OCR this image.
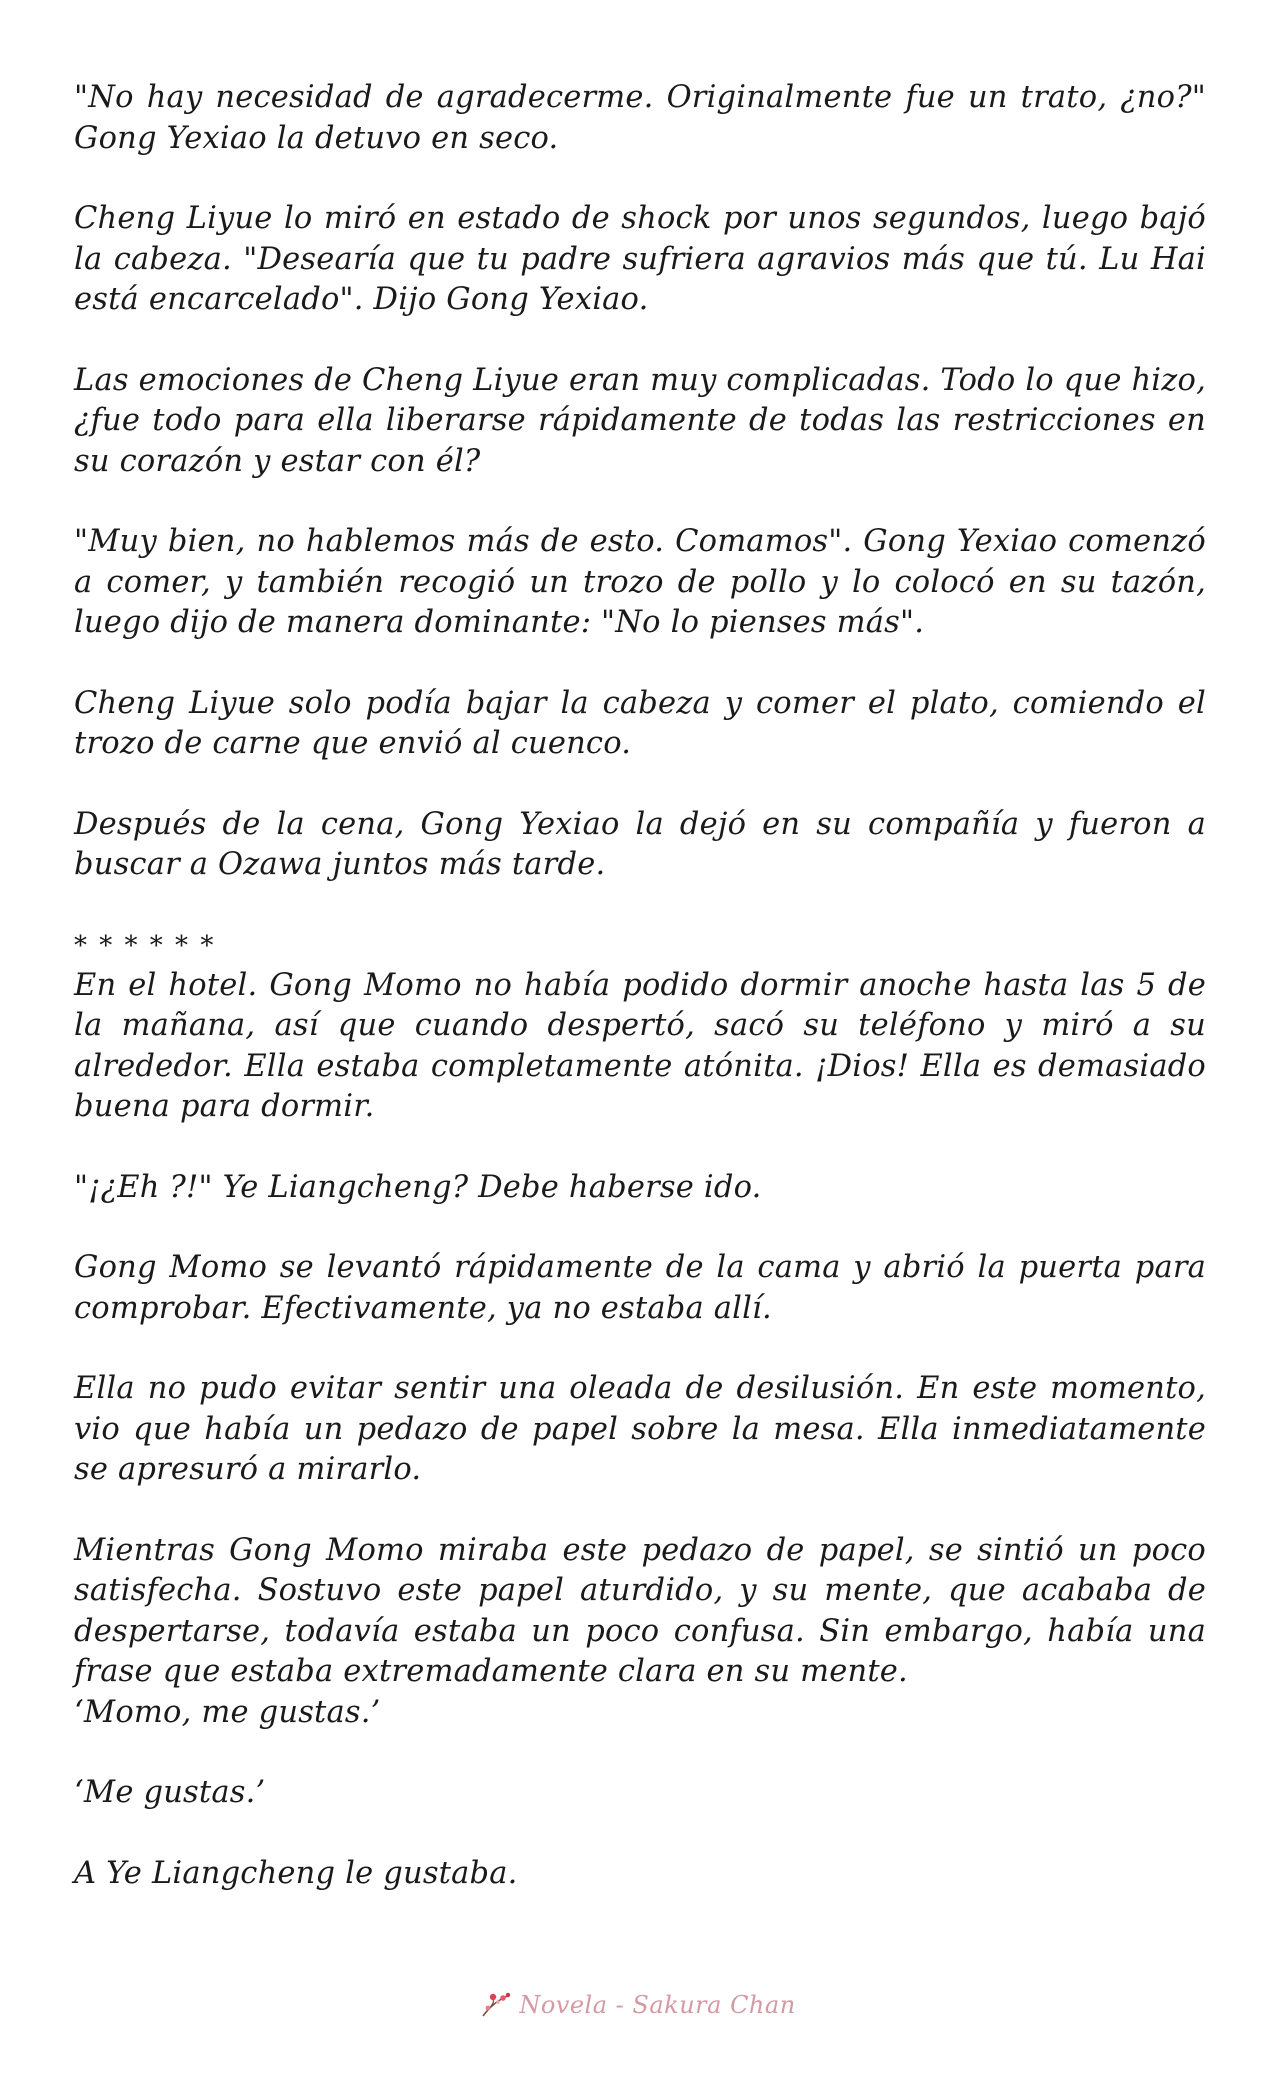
"No hay necesidad de agradecerme. Originalmente fue un trato, ¿no?" Gong Yexiao la detuvo en seco.

Cheng Liyue lo miró en estado de shock por unos segundos, luego bajó la cabeza. "Desearía que tu padre sufriera agravios más que tú. Lu Hai está encarcelado". Dijo Gong Yexiao.

Las emociones de Cheng Liyue eran muy complicadas. Todo lo que hizo, ¿fue todo para ella liberarse rápidamente de todas las restricciones en su corazón y estar con él?

"Muy bien, no hablemos más de esto. Comamos". Gong Yexiao comenzó a comer, y también recogió un trozo de pollo y lo colocó en su tazón, luego dijo de manera dominante: "No lo pienses más".

Cheng Liyue solo podía bajar la cabeza y comer el plato, comiendo el trozo de carne que envió al cuenco.

Después de la cena, Gong Yexiao la dejó en su compañía y fueron a buscar a Ozawa juntos más tarde.

* * * * * *

En el hotel. Gong Momo no había podido dormir anoche hasta las 5 de la mañana, así que cuando despertó, sacó su teléfono y miró a su alrededor. Ella estaba completamente atónita. ¡Dios! Ella es demasiado buena para dormir.

"¡¿Eh ?!" Ye Liangcheng? Debe haberse ido.

Gong Momo se levantó rápidamente de la cama y abrió la puerta para comprobar. Efectivamente, ya no estaba allí.

Ella no pudo evitar sentir una oleada de desilusión. En este momento, vio que había un pedazo de papel sobre la mesa. Ella inmediatamente se apresuró a mirarlo.

Mientras Gong Momo miraba este pedazo de papel, se sintió un poco satisfecha. Sostuvo este papel aturdido, y su mente, que acababa de despertarse, todavía estaba un poco confusa. Sin embargo, había una frase que estaba extremadamente clara en su mente.

‘Momo, me gustas.’

‘Me gustas.’

A Ye Liangcheng le gustaba.

Novela - Sakura Chan
